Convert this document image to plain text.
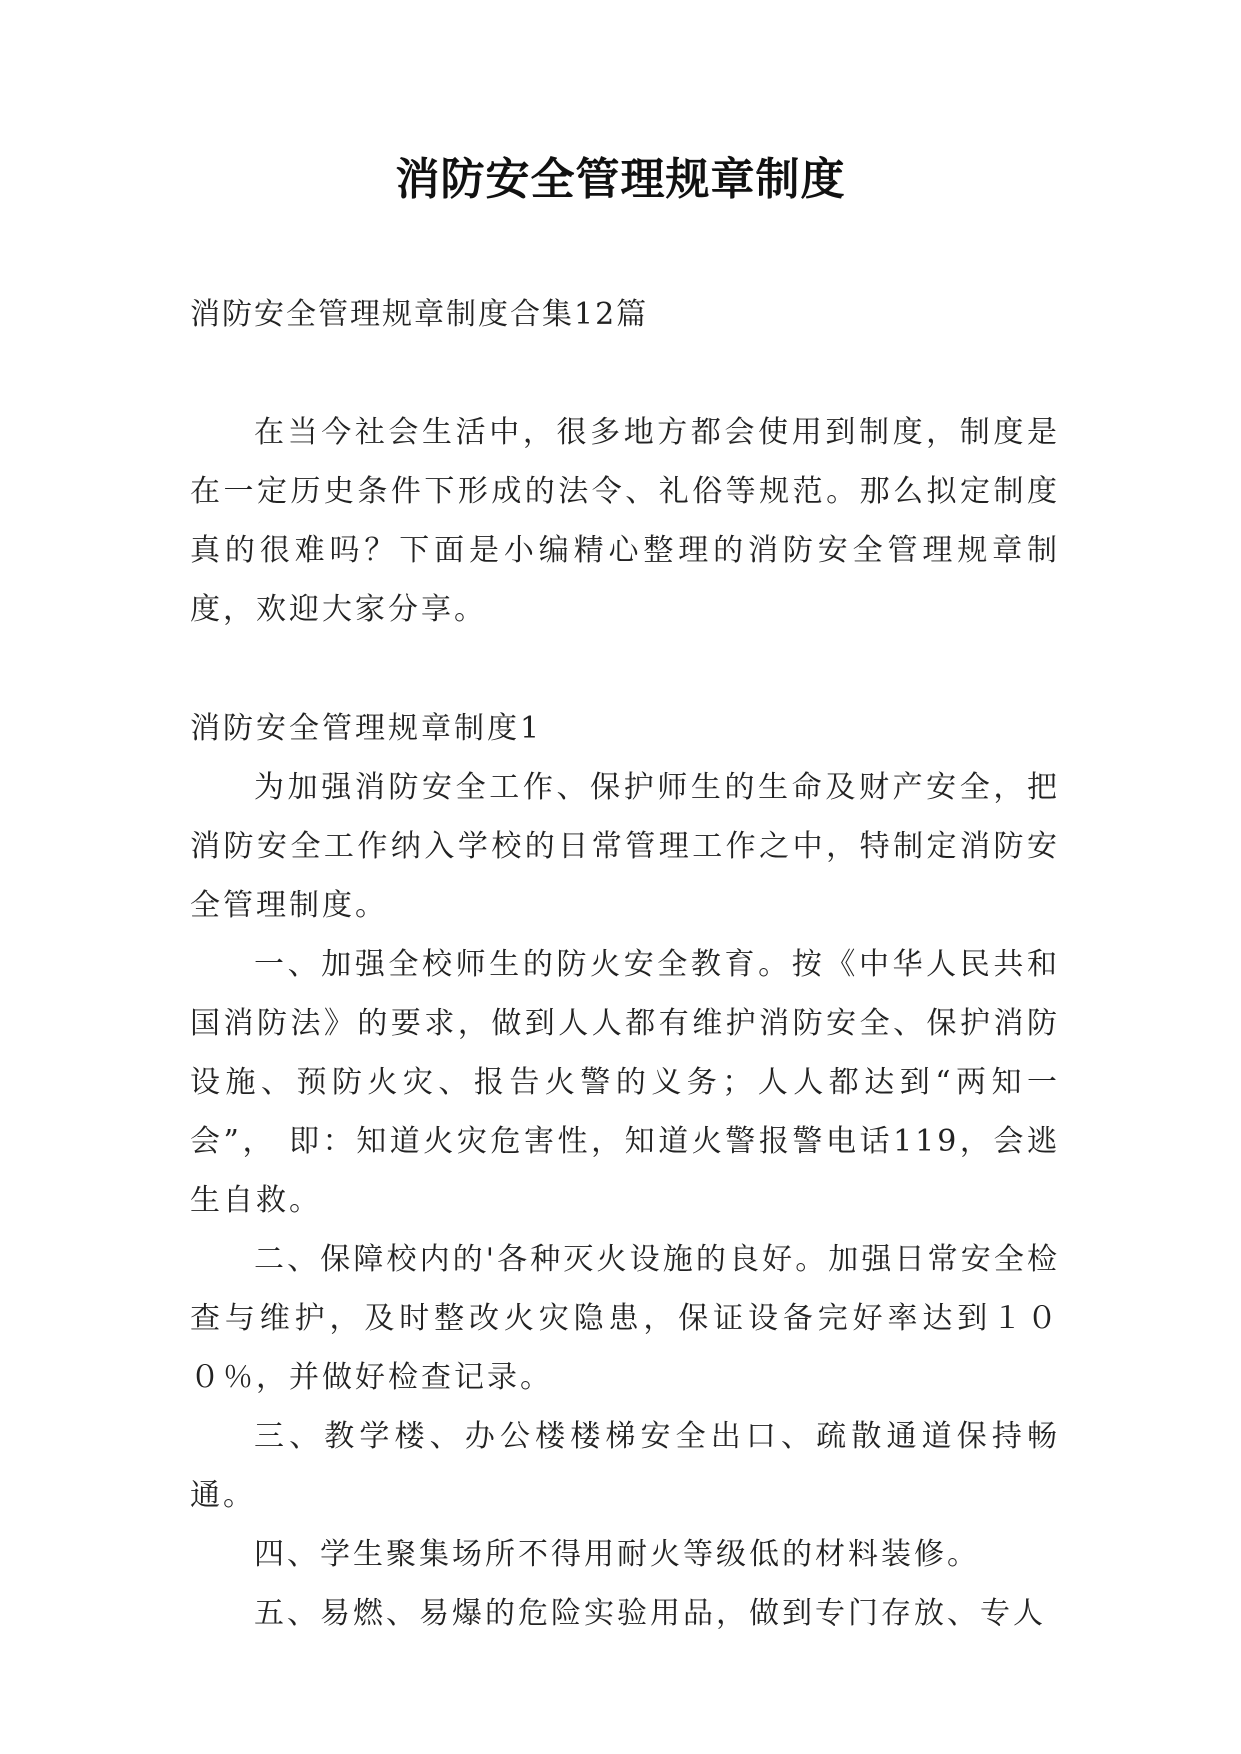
消防安全管理规章制度
消防安全管理规章制度合集12篇

在当今社会生活中，很多地方都会使用到制度，制度是在一定历史条件下形成的法令、礼俗等规范。那么拟定制度真的很难吗？下面是小编精心整理的消防安全管理规章制度，欢迎大家分享。

消防安全管理规章制度1

为加强消防安全工作、保护师生的生命及财产安全，把消防安全工作纳入学校的日常管理工作之中，特制定消防安全管理制度。

一、加强全校师生的防火安全教育。按《中华人民共和国消防法》的要求，做到人人都有维护消防安全、保护消防设施、预防火灾、报告火警的义务；人人都达到“两知一会”， 即：知道火灾危害性，知道火警报警电话119，会逃生自救。

二、保障校内的'各种灭火设施的良好。加强日常安全检查与维护，及时整改火灾隐患，保证设备完好率达到１００％，并做好检查记录。

三、教学楼、办公楼楼梯安全出口、疏散通道保持畅通。

四、学生聚集场所不得用耐火等级低的材料装修。

五、易燃、易爆的危险实验用品，做到专门存放、专人
